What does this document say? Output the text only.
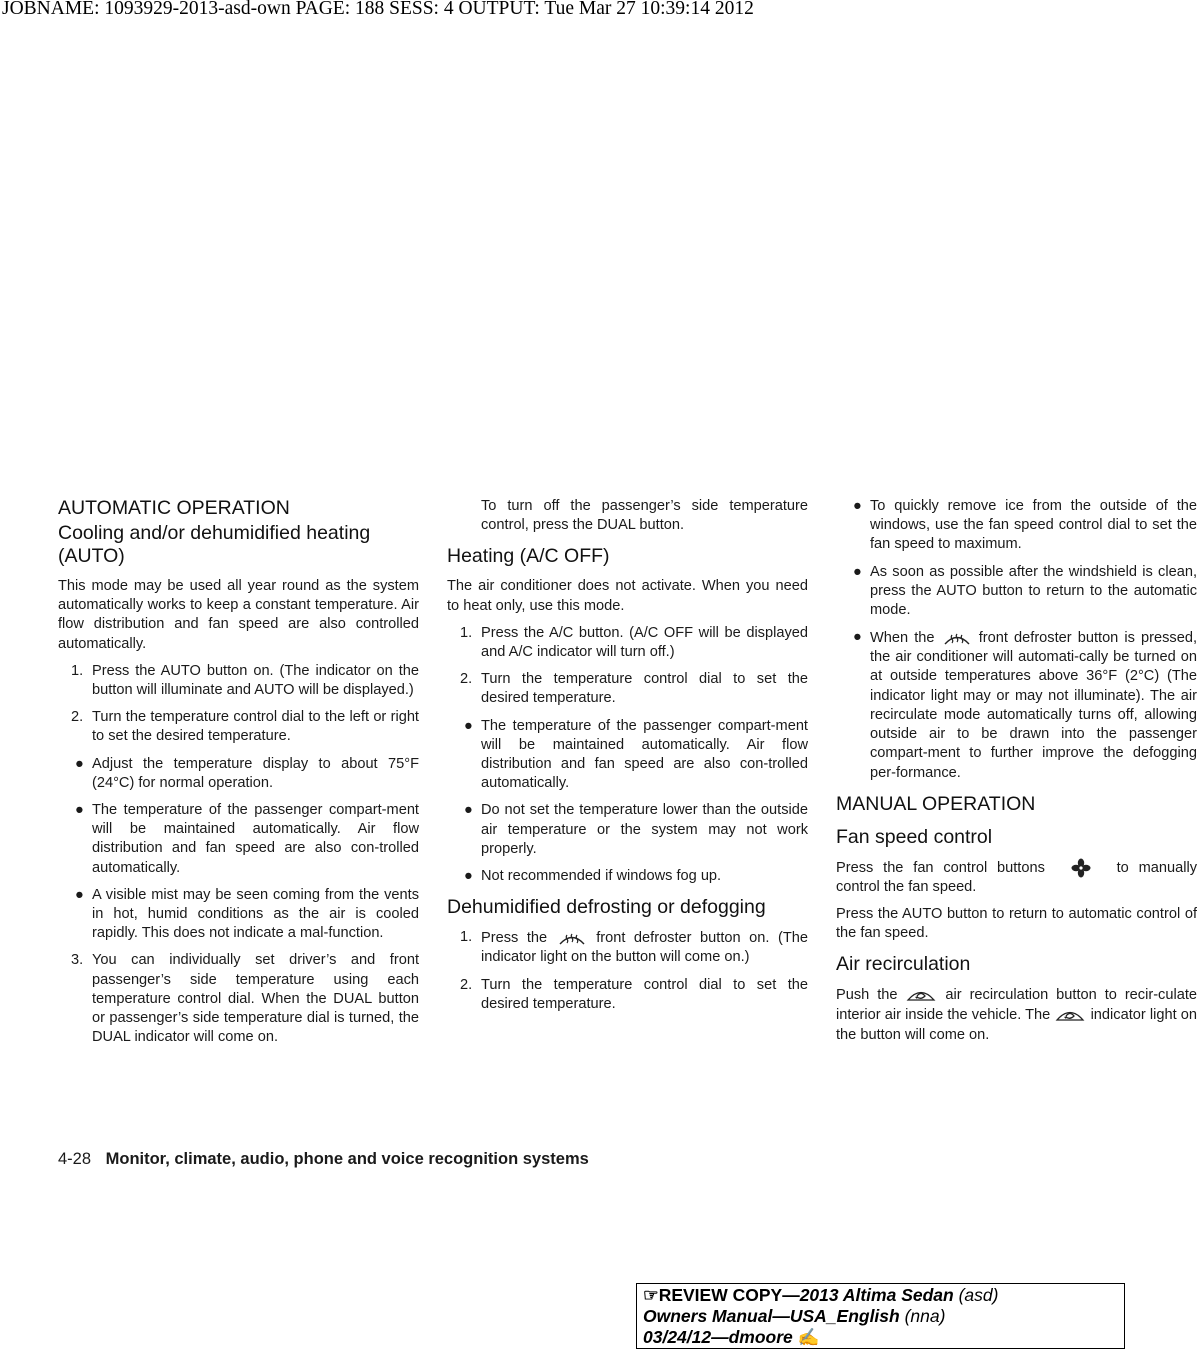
JOBNAME: 1093929-2013-asd-own PAGE: 188 SESS: 4 OUTPUT: Tue Mar 27 10:39:14 2012
AUTOMATIC OPERATION
Cooling and/or dehumidified heating (AUTO)

This mode may be used all year round as the system automatically works to keep a constant temperature. Air flow distribution and fan speed are also controlled automatically.

1. Press the AUTO button on. (The indicator on the button will illuminate and AUTO will be displayed.)
2. Turn the temperature control dial to the left or right to set the desired temperature.
● Adjust the temperature display to about 75°F (24°C) for normal operation.
● The temperature of the passenger compart-ment will be maintained automatically. Air flow distribution and fan speed are also con-trolled automatically.
● A visible mist may be seen coming from the vents in hot, humid conditions as the air is cooled rapidly. This does not indicate a mal-function.
3. You can individually set driver’s and front passenger’s side temperature using each temperature control dial. When the DUAL button or passenger’s side temperature dial is turned, the DUAL indicator will come on.
To turn off the passenger’s side temperature control, press the DUAL button.
Heating (A/C OFF)

The air conditioner does not activate. When you need to heat only, use this mode.

1. Press the A/C button. (A/C OFF will be displayed and A/C indicator will turn off.)
2. Turn the temperature control dial to set the desired temperature.
● The temperature of the passenger compart-ment will be maintained automatically. Air flow distribution and fan speed are also con-trolled automatically.
● Do not set the temperature lower than the outside air temperature or the system may not work properly.
● Not recommended if windows fog up.
Dehumidified defrosting or defogging
1. Press the	front defroster button on. (The indicator light on the button will come on.)
2. Turn the temperature control dial to set the desired temperature.
● To quickly remove ice from the outside of the windows, use the fan speed control dial to set the fan speed to maximum.
● As soon as possible after the windshield is clean, press the AUTO button to return to the automatic mode.
● When the	front defroster button is pressed, the air conditioner will automati-cally be turned on at outside temperatures above 36°F (2°C) (The indicator light may or may not illuminate). The air recirculate mode automatically turns off, allowing outside air to be drawn into the passenger compart-ment to further improve the defogging per-formance.
MANUAL OPERATION
Fan speed control

Press the fan control buttons	to manually control the fan speed.

Press the AUTO button to return to automatic control of the fan speed.

Air recirculation

Push the	air recirculation button to recir-culate interior air inside the vehicle. The	indicator light on the button will come on.

4-28 Monitor, climate, audio, phone and voice recognition systems
☞REVIEW COPY—2013 Altima Sedan (asd)
Owners Manual—USA_English (nna)
03/24/12—dmoore ✍
